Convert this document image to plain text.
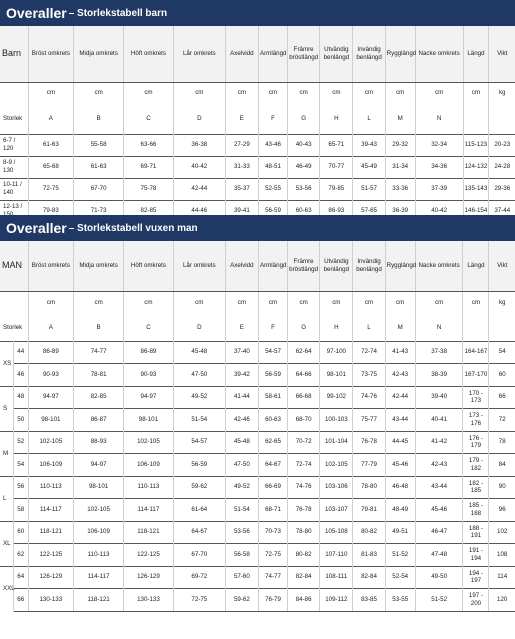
Overaller – Storlekstabell barn
Barn	Bröst omkrets	Midja omkrets	Höft omkrets	Lår omkrets	Axelvidd	Armlängd	Främre bröstlängd	Utvändig benlängd	Invändig benlängd	Rygglängd	Nacke omkrets	Längd	Vikt
	cm	cm	cm	cm	cm	cm	cm	cm	cm	cm	cm	cm	kg
Storlek	A	B	C	D	E	F	G	H	L	M	N		
6-7 / 120	61-63	55-58	63-66	36-38	27-29	43-46	40-43	65-71	39-43	29-32	32-34	115-123	20-23
8-9 / 130	65-68	61-63	69-71	40-42	31-33	48-51	46-49	70-77	45-49	31-34	34-36	124-132	24-28
10-11 / 140	72-75	67-70	75-78	42-44	35-37	52-55	53-56	79-85	51-57	33-36	37-39	135-143	29-36
12-13 /	79-83	71-73	82-85	44-46	39-41	56-59	60-63	86-93	57-65	36-39	40-42	146-154	37-44
Overaller – Storlekstabell vuxen man
MAN		Bröst omkrets	Midja omkrets	Höft omkrets	Lår omkrets	Axelvidd	Armlängd	Främre bröstlängd	Utvändig benlängd	Invändig benlängd	Rygglängd	Nacke omkrets	Längd	Vikt
		cm	cm	cm	cm	cm	cm	cm	cm	cm	cm	cm	cm	kg
Storlek		A	B	C	D	E	F	G	H	L	M	N		
XS	44	86-89	74-77	86-89	45-48	37-40	54-57	62-64	97-100	72-74	41-43	37-38	164-167	54
	46	90-93	78-81	90-93	47-50	39-42	56-59	64-66	98-101	73-75	42-43	38-39	167-170	60
S	48	94-97	82-85	94-97	49-52	41-44	58-61	66-68	99-102	74-76	42-44	39-40	170 - 173	66
	50	98-101	86-87	98-101	51-54	42-46	60-63	68-70	100-103	75-77	43-44	40-41	173 - 176	72
M	52	102-105	88-93	102-105	54-57	45-48	62-65	70-72	101-104	76-78	44-45	41-42	176 - 179	78
	54	106-109	94-97	106-109	56-59	47-50	64-67	72-74	102-105	77-79	45-46	42-43	179 - 182	84
L	56	110-113	98-101	110-113	59-62	49-52	66-69	74-76	103-106	78-80	46-48	43-44	182 - 185	90
	58	114-117	102-105	114-117	61-64	51-54	68-71	76-78	103-107	79-81	48-49	45-46	185 - 188	96
XL	60	118-121	106-109	118-121	64-67	53-56	70-73	78-80	105-108	80-82	49-51	46-47	188 - 191	102
	62	122-125	110-113	122-125	67-70	56-58	72-75	80-82	107-110	81-83	51-52	47-48	191 - 194	108
XXL	64	126-129	114-117	126-129	69-72	57-60	74-77	82-84	108-111	82-84	52-54	49-50	194 - 197	114
	66	130-133	118-121	130-133	72-75	59-62	76-79	84-86	109-112	83-85	53-55	51-52	197 - 200	120
